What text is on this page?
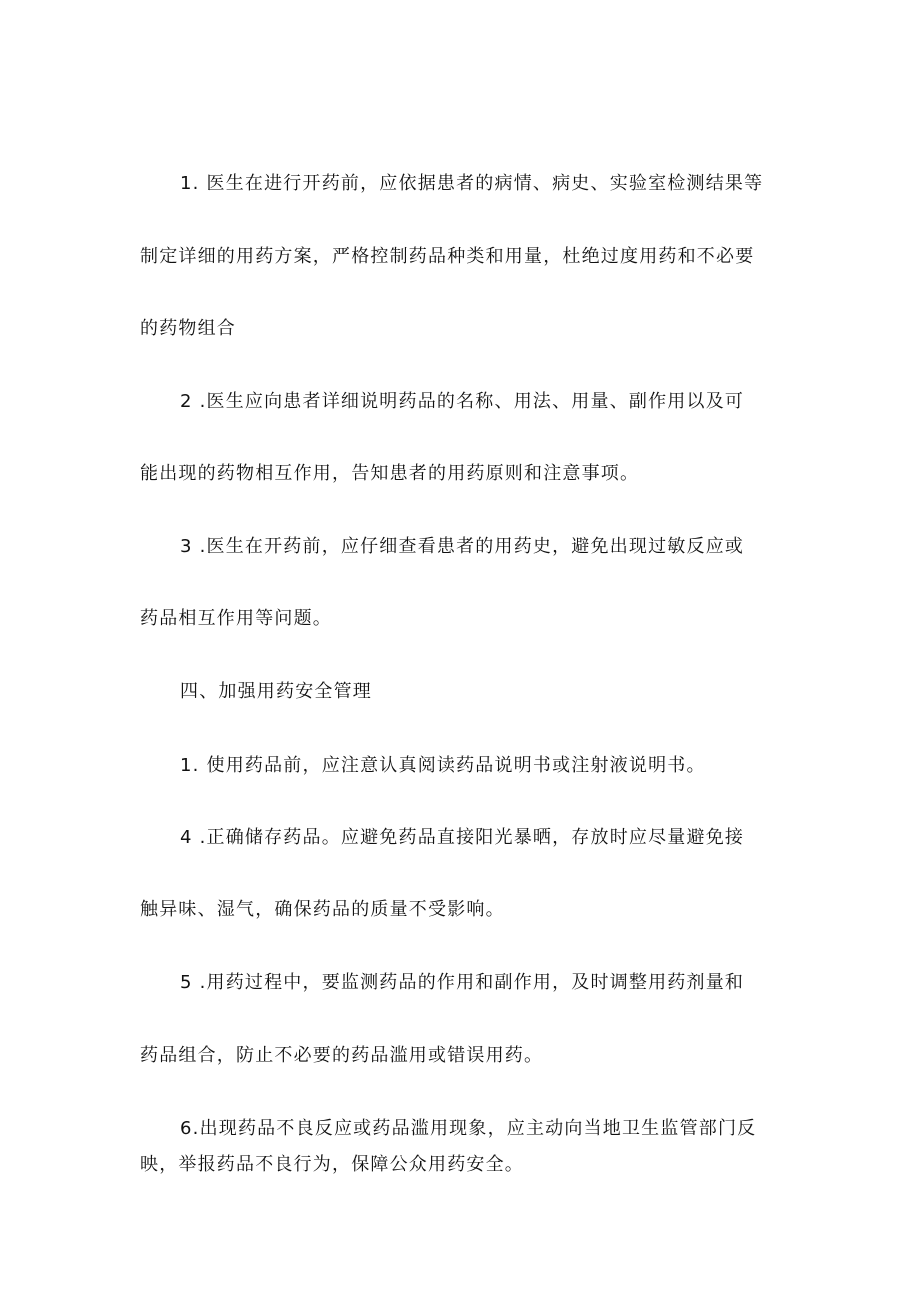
1. 医生在进行开药前，应依据患者的病情、病史、实验室检测结果等
制定详细的用药方案，严格控制药品种类和用量，杜绝过度用药和不必要
的药物组合
2 .医生应向患者详细说明药品的名称、用法、用量、副作用以及可
能出现的药物相互作用，告知患者的用药原则和注意事项。
3 .医生在开药前，应仔细查看患者的用药史，避免出现过敏反应或
药品相互作用等问题。
四、加强用药安全管理
1. 使用药品前，应注意认真阅读药品说明书或注射液说明书。
4 .正确储存药品。应避免药品直接阳光暴晒，存放时应尽量避免接
触异味、湿气，确保药品的质量不受影响。
5 .用药过程中，要监测药品的作用和副作用，及时调整用药剂量和
药品组合，防止不必要的药品滥用或错误用药。
6.出现药品不良反应或药品滥用现象，应主动向当地卫生监管部门反
映，举报药品不良行为，保障公众用药安全。
